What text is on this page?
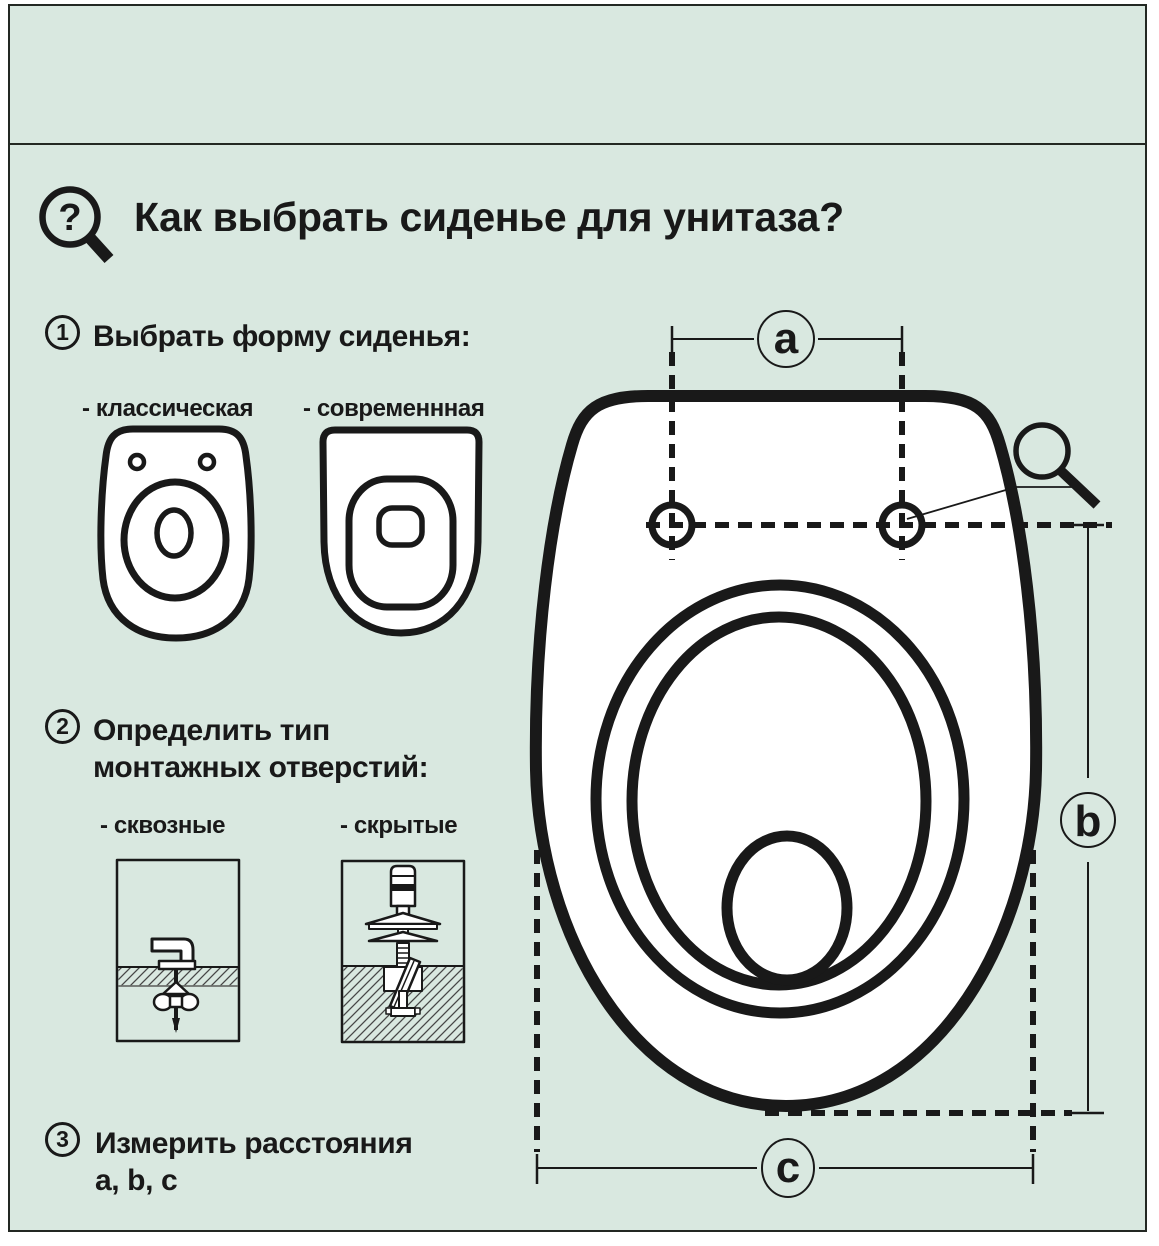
? Как выбрать сиденье для унитаза?
1 Выбрать форму сиденья:
- классическая - современнная
2 Определить тип
монтажных отверстий:
- сквозные	- скрытые
3 Измерить расстояния
a, b, c
a
b
c
